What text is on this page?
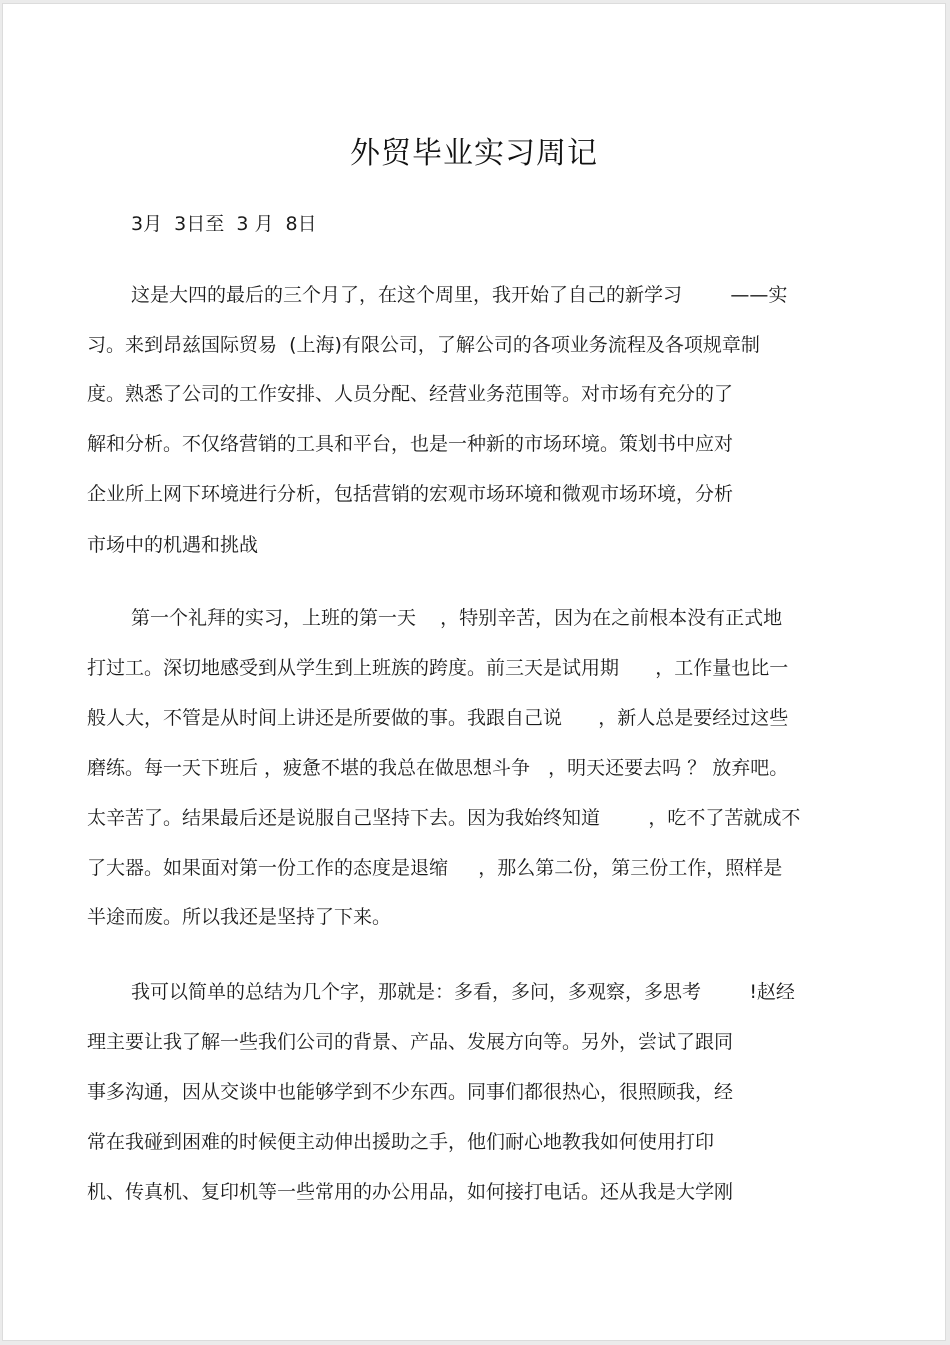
外贸毕业实习周记

3月  3日至  3 月  8日

这是大四的最后的三个月了，在这个周里，我开始了自己的新学习        ——实

习。来到昂兹国际贸易  (上海)有限公司，了解公司的各项业务流程及各项规章制

度。熟悉了公司的工作安排、人员分配、经营业务范围等。对市场有充分的了

解和分析。不仅络营销的工具和平台，也是一种新的市场环境。策划书中应对

企业所上网下环境进行分析，包括营销的宏观市场环境和微观市场环境，分析

市场中的机遇和挑战

第一个礼拜的实习，上班的第一天    ，特别辛苦，因为在之前根本没有正式地

打过工。深切地感受到从学生到上班族的跨度。前三天是试用期      ，工作量也比一

般人大，不管是从时间上讲还是所要做的事。我跟自己说      ，新人总是要经过这些

磨练。每一天下班后 ，疲惫不堪的我总在做思想斗争   ，明天还要去吗 ？ 放弃吧。

太辛苦了。结果最后还是说服自己坚持下去。因为我始终知道        ，吃不了苦就成不

了大器。如果面对第一份工作的态度是退缩     ，那么第二份，第三份工作，照样是

半途而废。所以我还是坚持了下来。

我可以简单的总结为几个字，那就是：多看，多问，多观察，多思考        !赵经

理主要让我了解一些我们公司的背景、产品、发展方向等。另外，尝试了跟同

事多沟通，因从交谈中也能够学到不少东西。同事们都很热心，很照顾我，经

常在我碰到困难的时候便主动伸出援助之手，他们耐心地教我如何使用打印

机、传真机、复印机等一些常用的办公用品，如何接打电话。还从我是大学刚
